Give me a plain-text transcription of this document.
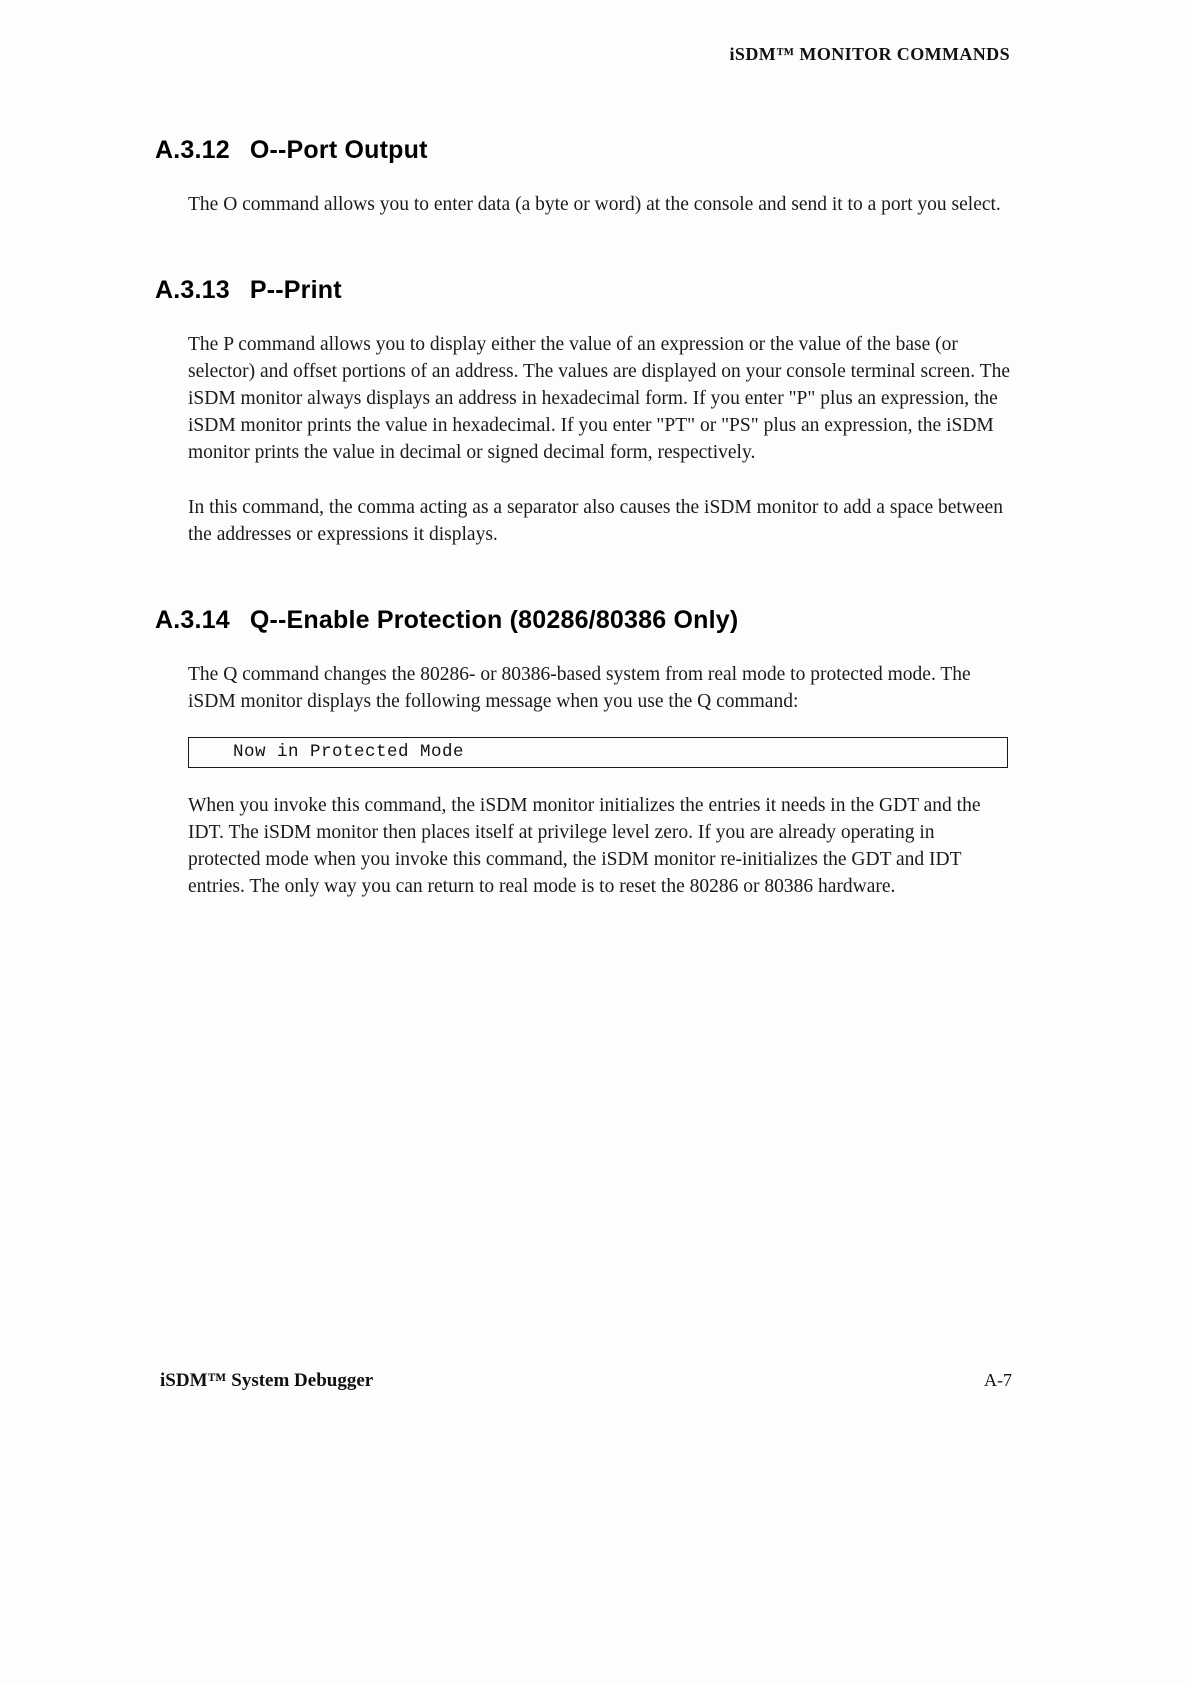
iSDM™ MONITOR COMMANDS
A.3.12 O--Port Output

The O command allows you to enter data (a byte or word) at the console and send it to a port you select.

A.3.13 P--Print

The P command allows you to display either the value of an expression or the value of the base (or selector) and offset portions of an address. The values are displayed on your console terminal screen. The iSDM monitor always displays an address in hexadecimal form. If you enter "P" plus an expression, the iSDM monitor prints the value in hexadecimal. If you enter "PT" or "PS" plus an expression, the iSDM monitor prints the value in decimal or signed decimal form, respectively.

In this command, the comma acting as a separator also causes the iSDM monitor to add a space between the addresses or expressions it displays.

A.3.14 Q--Enable Protection (80286/80386 Only)

The Q command changes the 80286- or 80386-based system from real mode to protected mode. The iSDM monitor displays the following message when you use the Q command:

Now in Protected Mode

When you invoke this command, the iSDM monitor initializes the entries it needs in the GDT and the IDT. The iSDM monitor then places itself at privilege level zero. If you are already operating in protected mode when you invoke this command, the iSDM monitor re-initializes the GDT and IDT entries. The only way you can return to real mode is to reset the 80286 or 80386 hardware.

iSDM™ System Debugger	A-7
